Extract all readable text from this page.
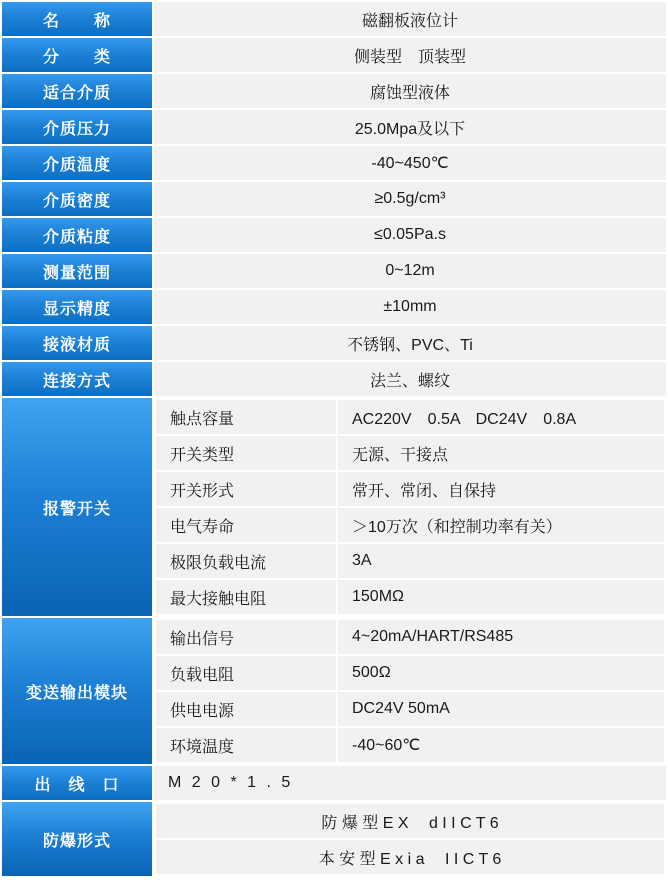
名　　称	磁翻板液位计
分　　类	侧装型　顶装型
适合介质	腐蚀型液体
介质压力	25.0Mpa及以下
介质温度	-40~450℃
介质密度	≥0.5g/cm³
介质粘度	≤0.05Pa.s
测量范围	0~12m
显示精度	±10mm
接液材质	不锈钢、PVC、Ti
连接方式	法兰、螺纹
报警开关	
触点容量	AC220V　0.5A　DC24V　0.8A
开关类型	无源、干接点
开关形式	常开、常闭、自保持
电气寿命	＞10万次（和控制功率有关）
极限负载电流	3A
最大接触电阻	150MΩ

变送输出模块	
输出信号	4~20mA/HART/RS485
负载电阻	500Ω
供电电源	DC24V 50mA
环境温度	-40~60℃

出　线　口	M 2 0 * 1 . 5
防爆形式	
防 爆 型 E X　 d I I C T 6
本 安 型 E x i a　 I I C T 6
